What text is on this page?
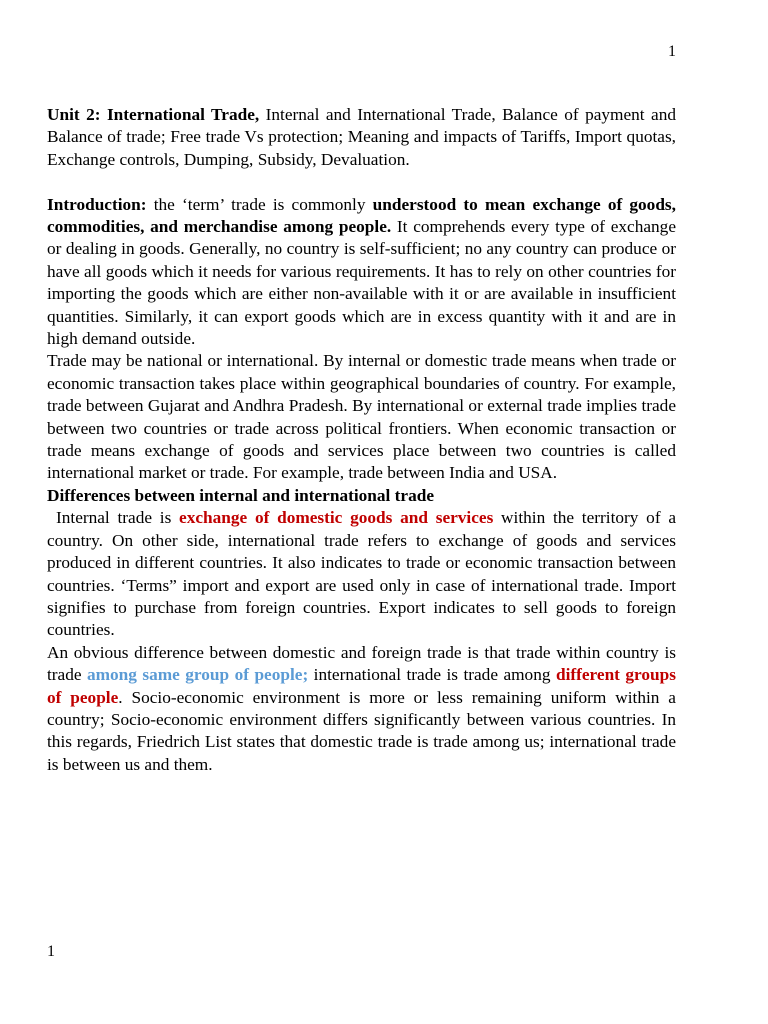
1

Unit 2: International Trade, Internal and International Trade, Balance of payment and Balance of trade; Free trade Vs protection; Meaning and impacts of Tariffs, Import quotas, Exchange controls, Dumping, Subsidy, Devaluation.

Introduction: the ‘term’ trade is commonly understood to mean exchange of goods, commodities, and merchandise among people. It comprehends every type of exchange or dealing in goods. Generally, no country is self-sufficient; no any country can produce or have all goods which it needs for various requirements. It has to rely on other countries for importing the goods which are either non-available with it or are available in insufficient quantities. Similarly, it can export goods which are in excess quantity with it and are in high demand outside.

Trade may be national or international. By internal or domestic trade means when trade or economic transaction takes place within geographical boundaries of country. For example, trade between Gujarat and Andhra Pradesh. By international or external trade implies trade between two countries or trade across political frontiers. When economic transaction or trade means exchange of goods and services place between two countries is called international market or trade. For example, trade between India and USA.

Differences between internal and international trade

Internal trade is exchange of domestic goods and services within the territory of a country. On other side, international trade refers to exchange of goods and services produced in different countries. It also indicates to trade or economic transaction between countries. ‘Terms” import and export are used only in case of international trade. Import signifies to purchase from foreign countries. Export indicates to sell goods to foreign countries.

An obvious difference between domestic and foreign trade is that trade within country is trade among same group of people; international trade is trade among different groups of people. Socio-economic environment is more or less remaining uniform within a country; Socio-economic environment differs significantly between various countries. In this regards, Friedrich List states that domestic trade is trade among us; international trade is between us and them.

1
